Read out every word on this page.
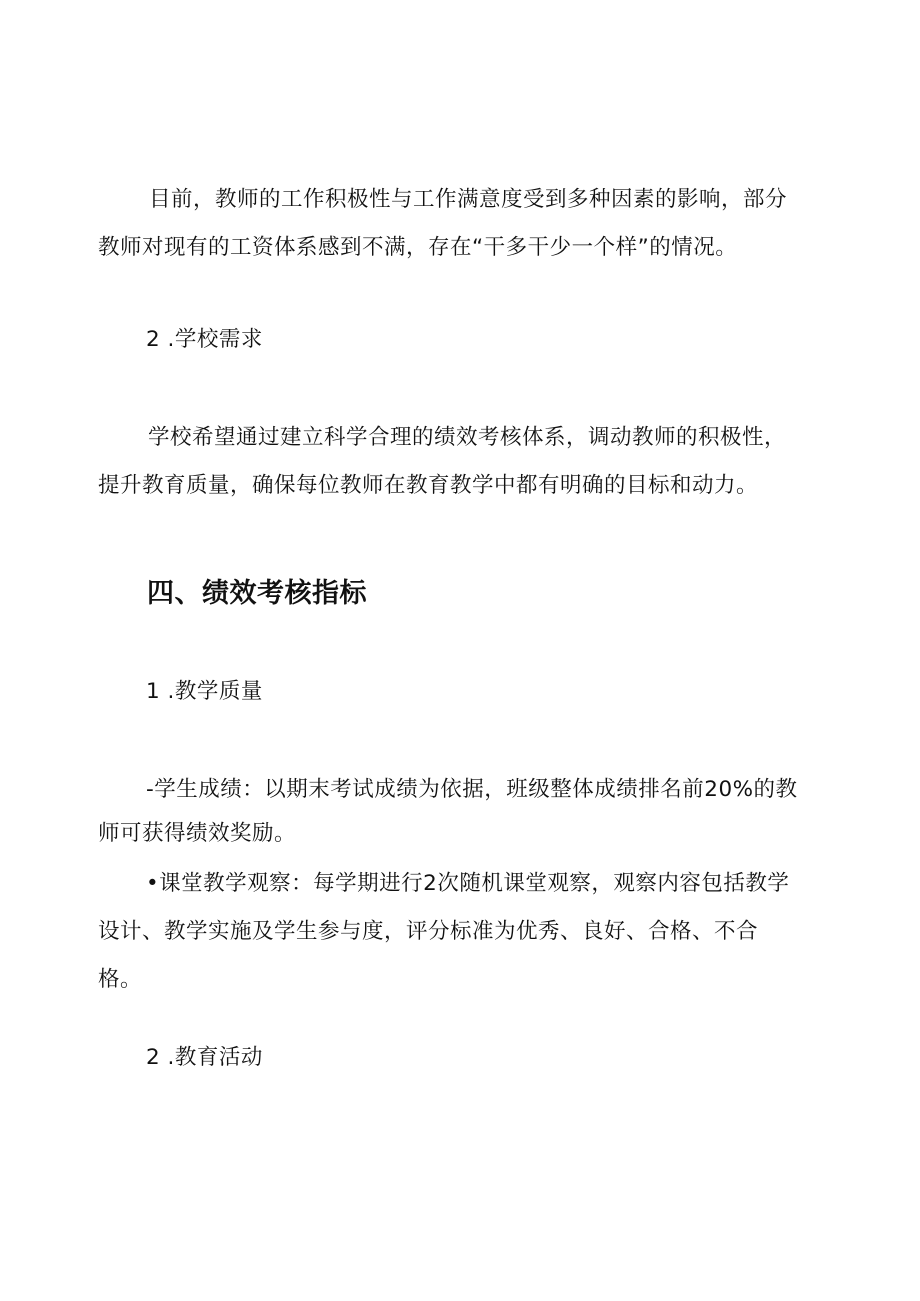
目前，教师的工作积极性与工作满意度受到多种因素的影响，部分

教师对现有的工资体系感到不满，存在“干多干少一个样”的情况。

2 .学校需求

学校希望通过建立科学合理的绩效考核体系，调动教师的积极性，

提升教育质量，确保每位教师在教育教学中都有明确的目标和动力。

四、绩效考核指标

1 .教学质量

-学生成绩：以期末考试成绩为依据，班级整体成绩排名前20%的教

师可获得绩效奖励。

•课堂教学观察：每学期进行2次随机课堂观察，观察内容包括教学

设计、教学实施及学生参与度，评分标准为优秀、良好、合格、不合
格。

2 .教育活动
